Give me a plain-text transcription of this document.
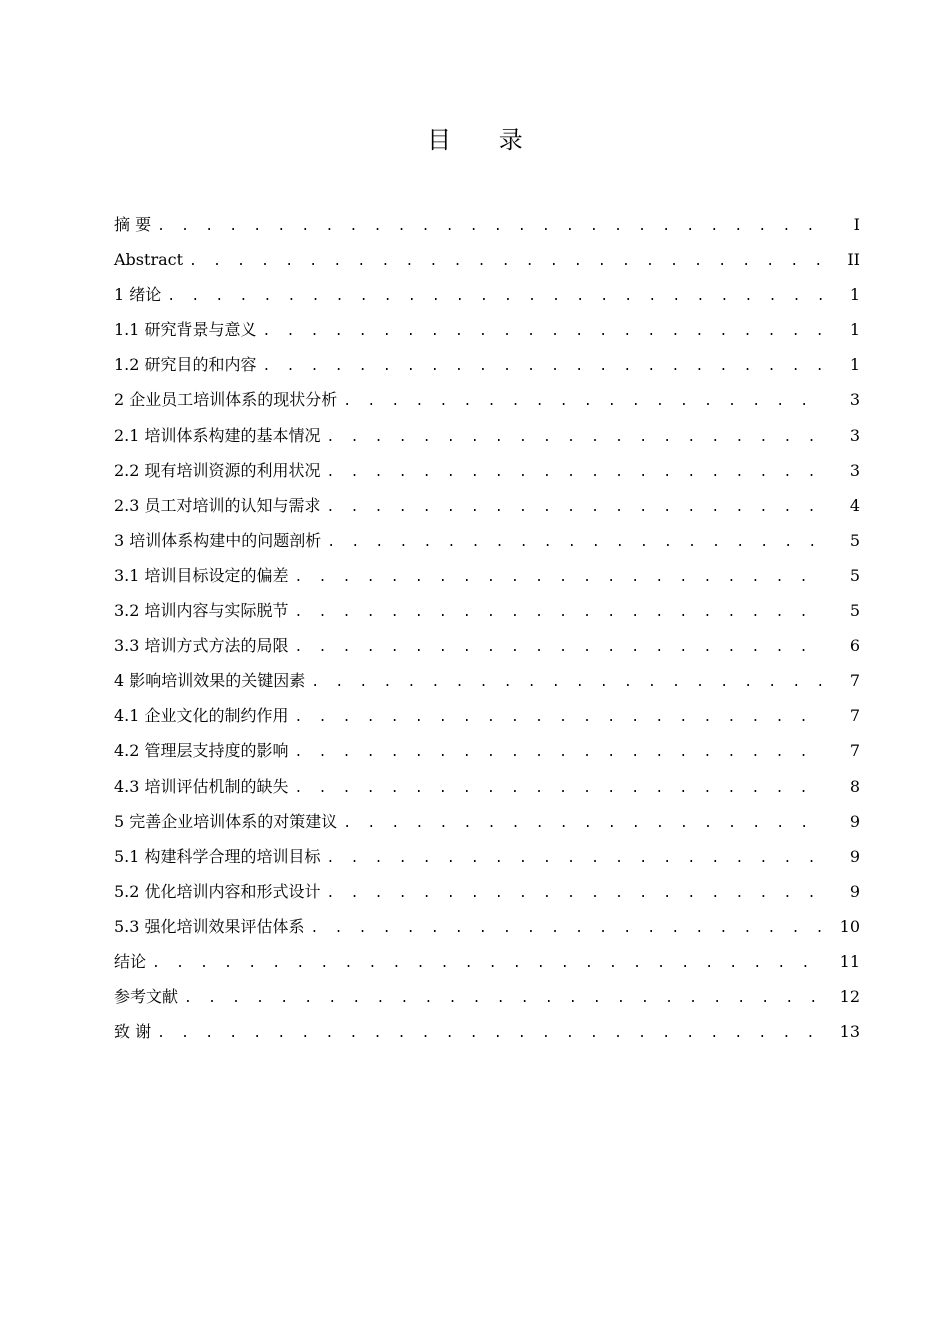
目 录
摘 要 . . .	I
Abstract . . .	II
1 绪论 . . .	1
1.1 研究背景与意义 . . .	1
1.2 研究目的和内容 . . .	1
2 企业员工培训体系的现状分析 . . .	3
2.1 培训体系构建的基本情况 . . .	3
2.2 现有培训资源的利用状况 . . .	3
2.3 员工对培训的认知与需求 . . .	4
3 培训体系构建中的问题剖析 . . .	5
3.1 培训目标设定的偏差 . . .	5
3.2 培训内容与实际脱节 . . .	5
3.3 培训方式方法的局限 . . .	6
4 影响培训效果的关键因素 . . .	7
4.1 企业文化的制约作用 . . .	7
4.2 管理层支持度的影响 . . .	7
4.3 培训评估机制的缺失 . . .	8
5 完善企业培训体系的对策建议 . . .	9
5.1 构建科学合理的培训目标 . . .	9
5.2 优化培训内容和形式设计 . . .	9
5.3 强化培训效果评估体系 . . .	10
结论 . . .	11
参考文献 . . .	12
致 谢 . . .	13
